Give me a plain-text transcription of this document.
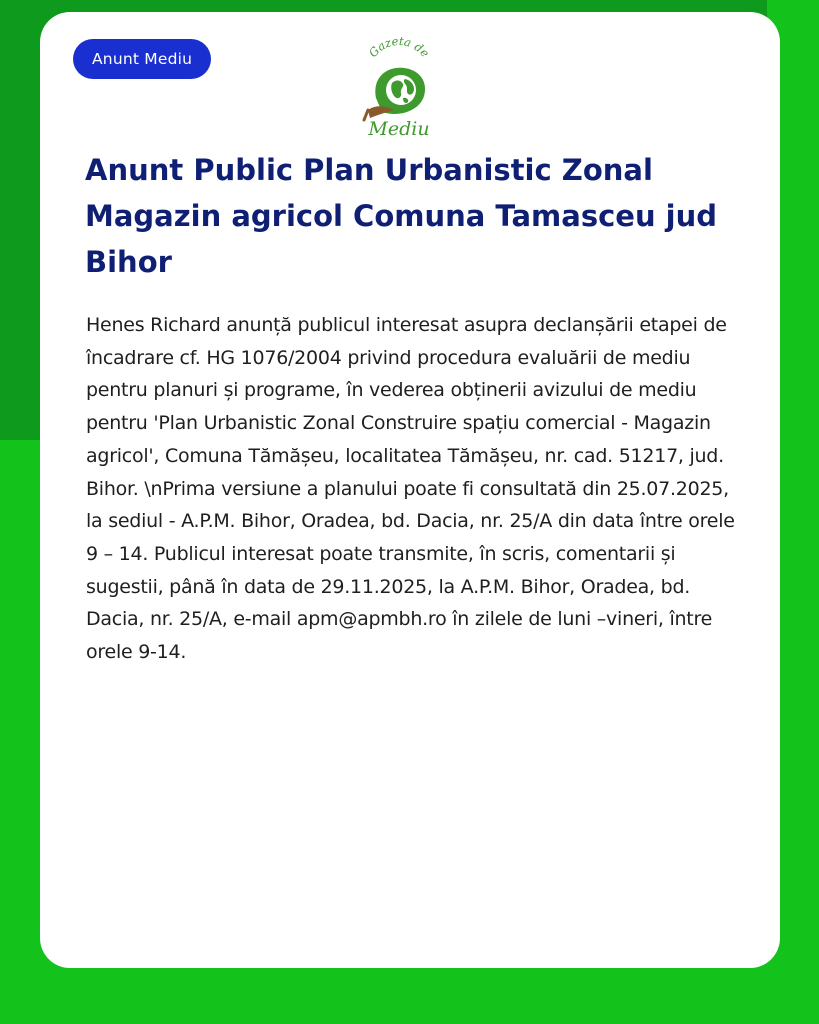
Anunt Mediu	Gazeta de
Mediu
Anunt Public Plan Urbanistic Zonal Magazin agricol Comuna Tamasceu jud Bihor

Henes Richard anunță publicul interesat asupra declanșării etapei de încadrare cf. HG 1076/2004 privind procedura evaluării de mediu pentru planuri și programe, în vederea obținerii avizului de mediu pentru 'Plan Urbanistic Zonal Construire spațiu comercial - Magazin agricol', Comuna Tămășeu, localitatea Tămășeu, nr. cad. 51217, jud. Bihor. \nPrima versiune a planului poate fi consultată din 25.07.2025, la sediul - A.P.M. Bihor, Oradea, bd. Dacia, nr. 25/A din data între orele 9 – 14. Publicul interesat poate transmite, în scris, comentarii și sugestii, până în data de 29.11.2025, la A.P.M. Bihor, Oradea, bd. Dacia, nr. 25/A, e-mail apm@apmbh.ro în zilele de luni –vineri, între orele 9-14.
